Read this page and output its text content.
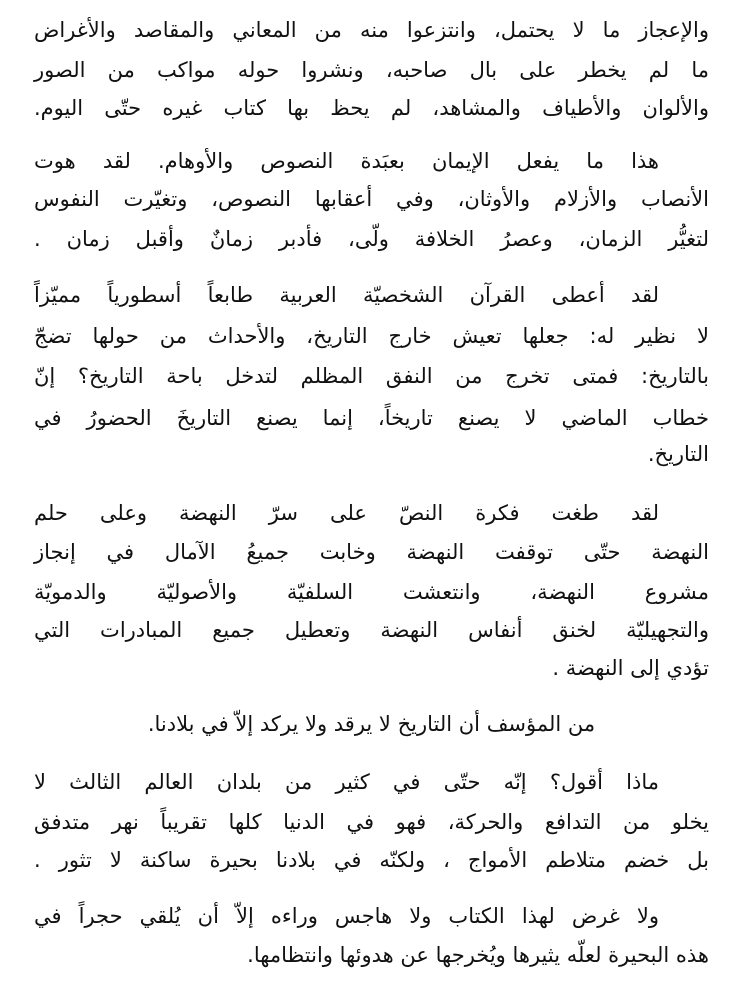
والإعجاز ما لا يحتمل، وانتزعوا منه من المعاني والمقاصد والأغراض

ما لم يخطر على بال صاحبه، ونشروا حوله مواكب من الصور

والألوان والأطياف والمشاهد، لم يحظ بها كتاب غيره حتّى اليوم.

هذا ما يفعل الإيمان بعبَدة النصوص والأوهام. لقد هوت

الأنصاب والأزلام والأوثان، وفي أعقابها النصوص، وتغيّرت النفوس

لتغيُّر الزمان، وعصرُ الخلافة ولّى، فأدبر زمانٌ وأقبل زمان .

لقد أعطى القرآن الشخصيّة العربية طابعاً أسطورياً مميّزاً

لا نظير له: جعلها تعيش خارج التاريخ، والأحداث من حولها تضجّ

بالتاريخ: فمتى تخرج من النفق المظلم لتدخل باحة التاريخ؟ إنّ

خطاب الماضي لا يصنع تاريخاً، إنما يصنع التاريخَ الحضورُ في

التاريخ.

لقد طغت فكرة النصّ على سرّ النهضة وعلى حلم

النهضة حتّى توقفت النهضة وخابت جميعُ الآمال في إنجاز

مشروع النهضة، وانتعشت السلفيّة والأصوليّة والدمويّة

والتجهيليّة لخنق أنفاس النهضة وتعطيل جميع المبادرات التي

تؤدي إلى النهضة .

من المؤسف أن التاريخ لا يرقد ولا يركد إلاّ في بلادنا.

ماذا أقول؟ إنّه حتّى في كثير من بلدان العالم الثالث لا

يخلو من التدافع والحركة، فهو في الدنيا كلها تقريباً نهر متدفق

بل خضم متلاطم الأمواج ، ولكنّه في بلادنا بحيرة ساكنة لا تثور .

ولا غرض لهذا الكتاب ولا هاجس وراءه إلاّ أن يُلقي حجراً في

هذه البحيرة لعلّه يثيرها ويُخرجها عن هدوئها وانتظامها.
